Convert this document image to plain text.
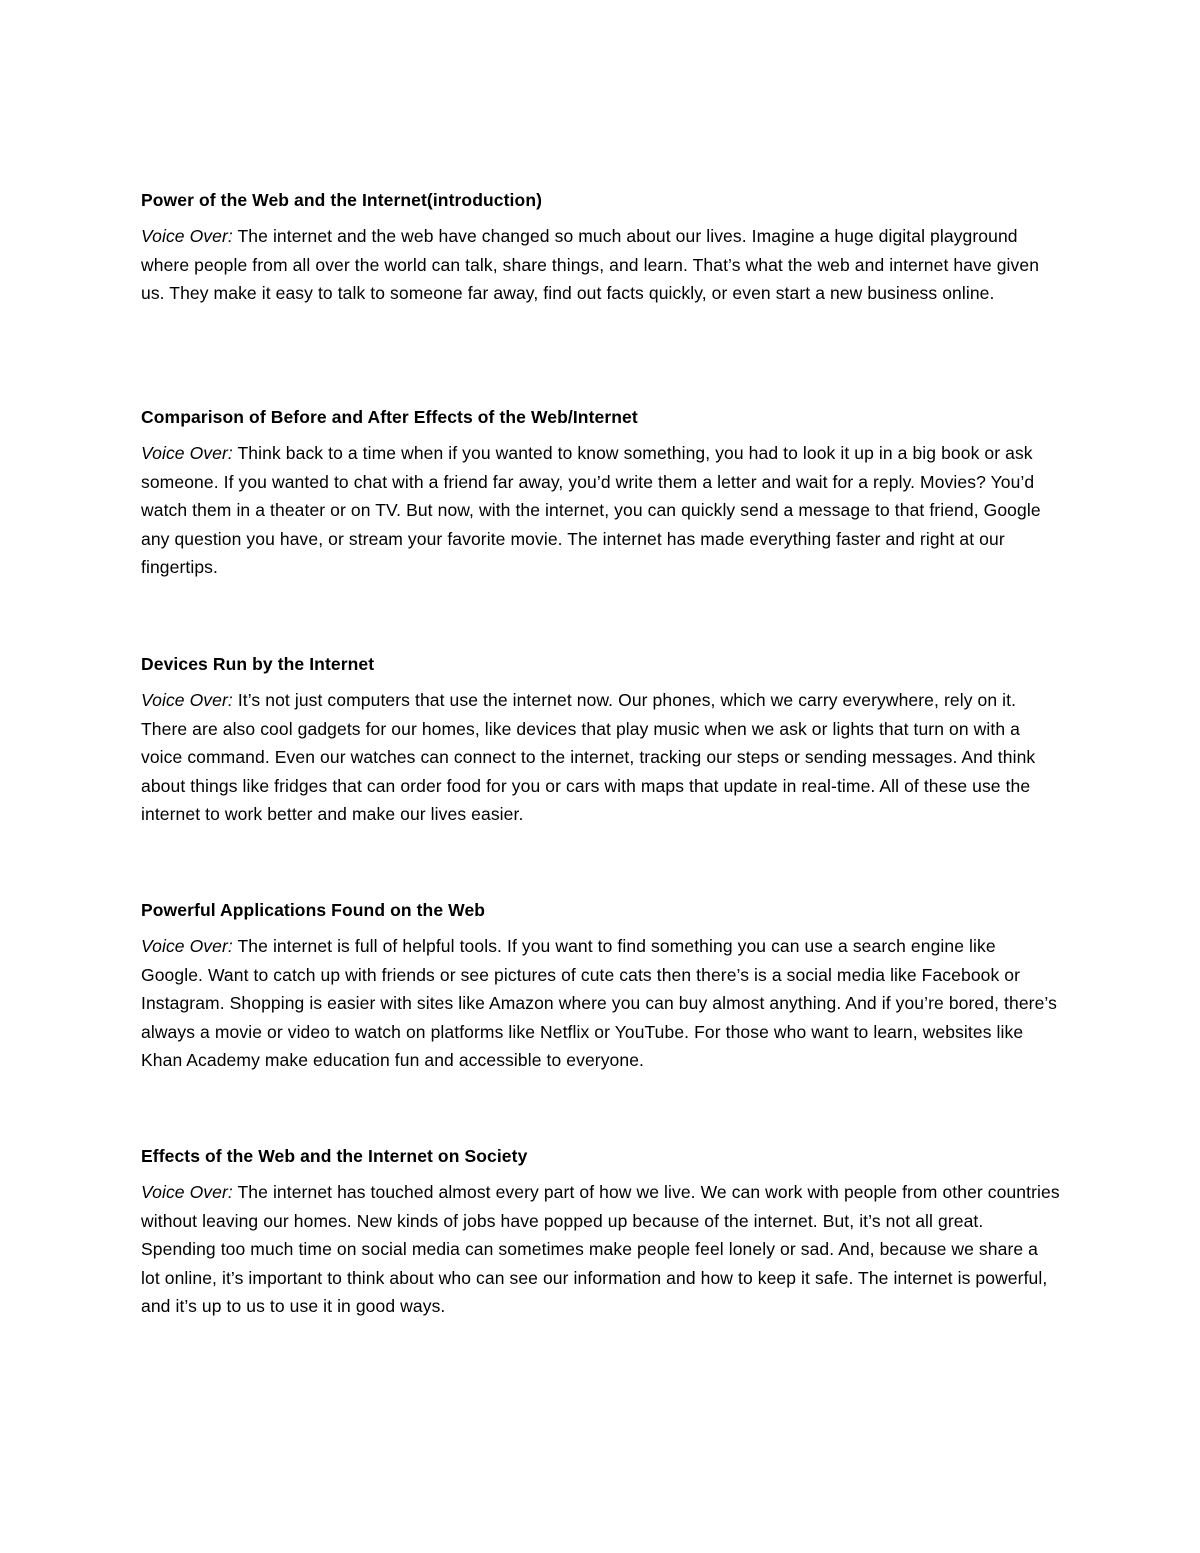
Power of the Web and the Internet(introduction)

Voice Over: The internet and the web have changed so much about our lives. Imagine a huge digital playground where people from all over the world can talk, share things, and learn. That’s what the web and internet have given us. They make it easy to talk to someone far away, find out facts quickly, or even start a new business online.

Comparison of Before and After Effects of the Web/Internet

Voice Over: Think back to a time when if you wanted to know something, you had to look it up in a big book or ask someone. If you wanted to chat with a friend far away, you’d write them a letter and wait for a reply. Movies? You’d watch them in a theater or on TV. But now, with the internet, you can quickly send a message to that friend, Google any question you have, or stream your favorite movie. The internet has made everything faster and right at our fingertips.

Devices Run by the Internet

Voice Over: It’s not just computers that use the internet now. Our phones, which we carry everywhere, rely on it. There are also cool gadgets for our homes, like devices that play music when we ask or lights that turn on with a voice command. Even our watches can connect to the internet, tracking our steps or sending messages. And think about things like fridges that can order food for you or cars with maps that update in real-time. All of these use the internet to work better and make our lives easier.

Powerful Applications Found on the Web

Voice Over: The internet is full of helpful tools. If you want to find something you can use a search engine like Google. Want to catch up with friends or see pictures of cute cats then there’s is a social media like Facebook or Instagram. Shopping is easier with sites like Amazon where you can buy almost anything. And if you’re bored, there’s always a movie or video to watch on platforms like Netflix or YouTube. For those who want to learn, websites like Khan Academy make education fun and accessible to everyone.

Effects of the Web and the Internet on Society

Voice Over: The internet has touched almost every part of how we live. We can work with people from other countries without leaving our homes. New kinds of jobs have popped up because of the internet. But, it’s not all great. Spending too much time on social media can sometimes make people feel lonely or sad. And, because we share a lot online, it’s important to think about who can see our information and how to keep it safe. The internet is powerful, and it’s up to us to use it in good ways.
